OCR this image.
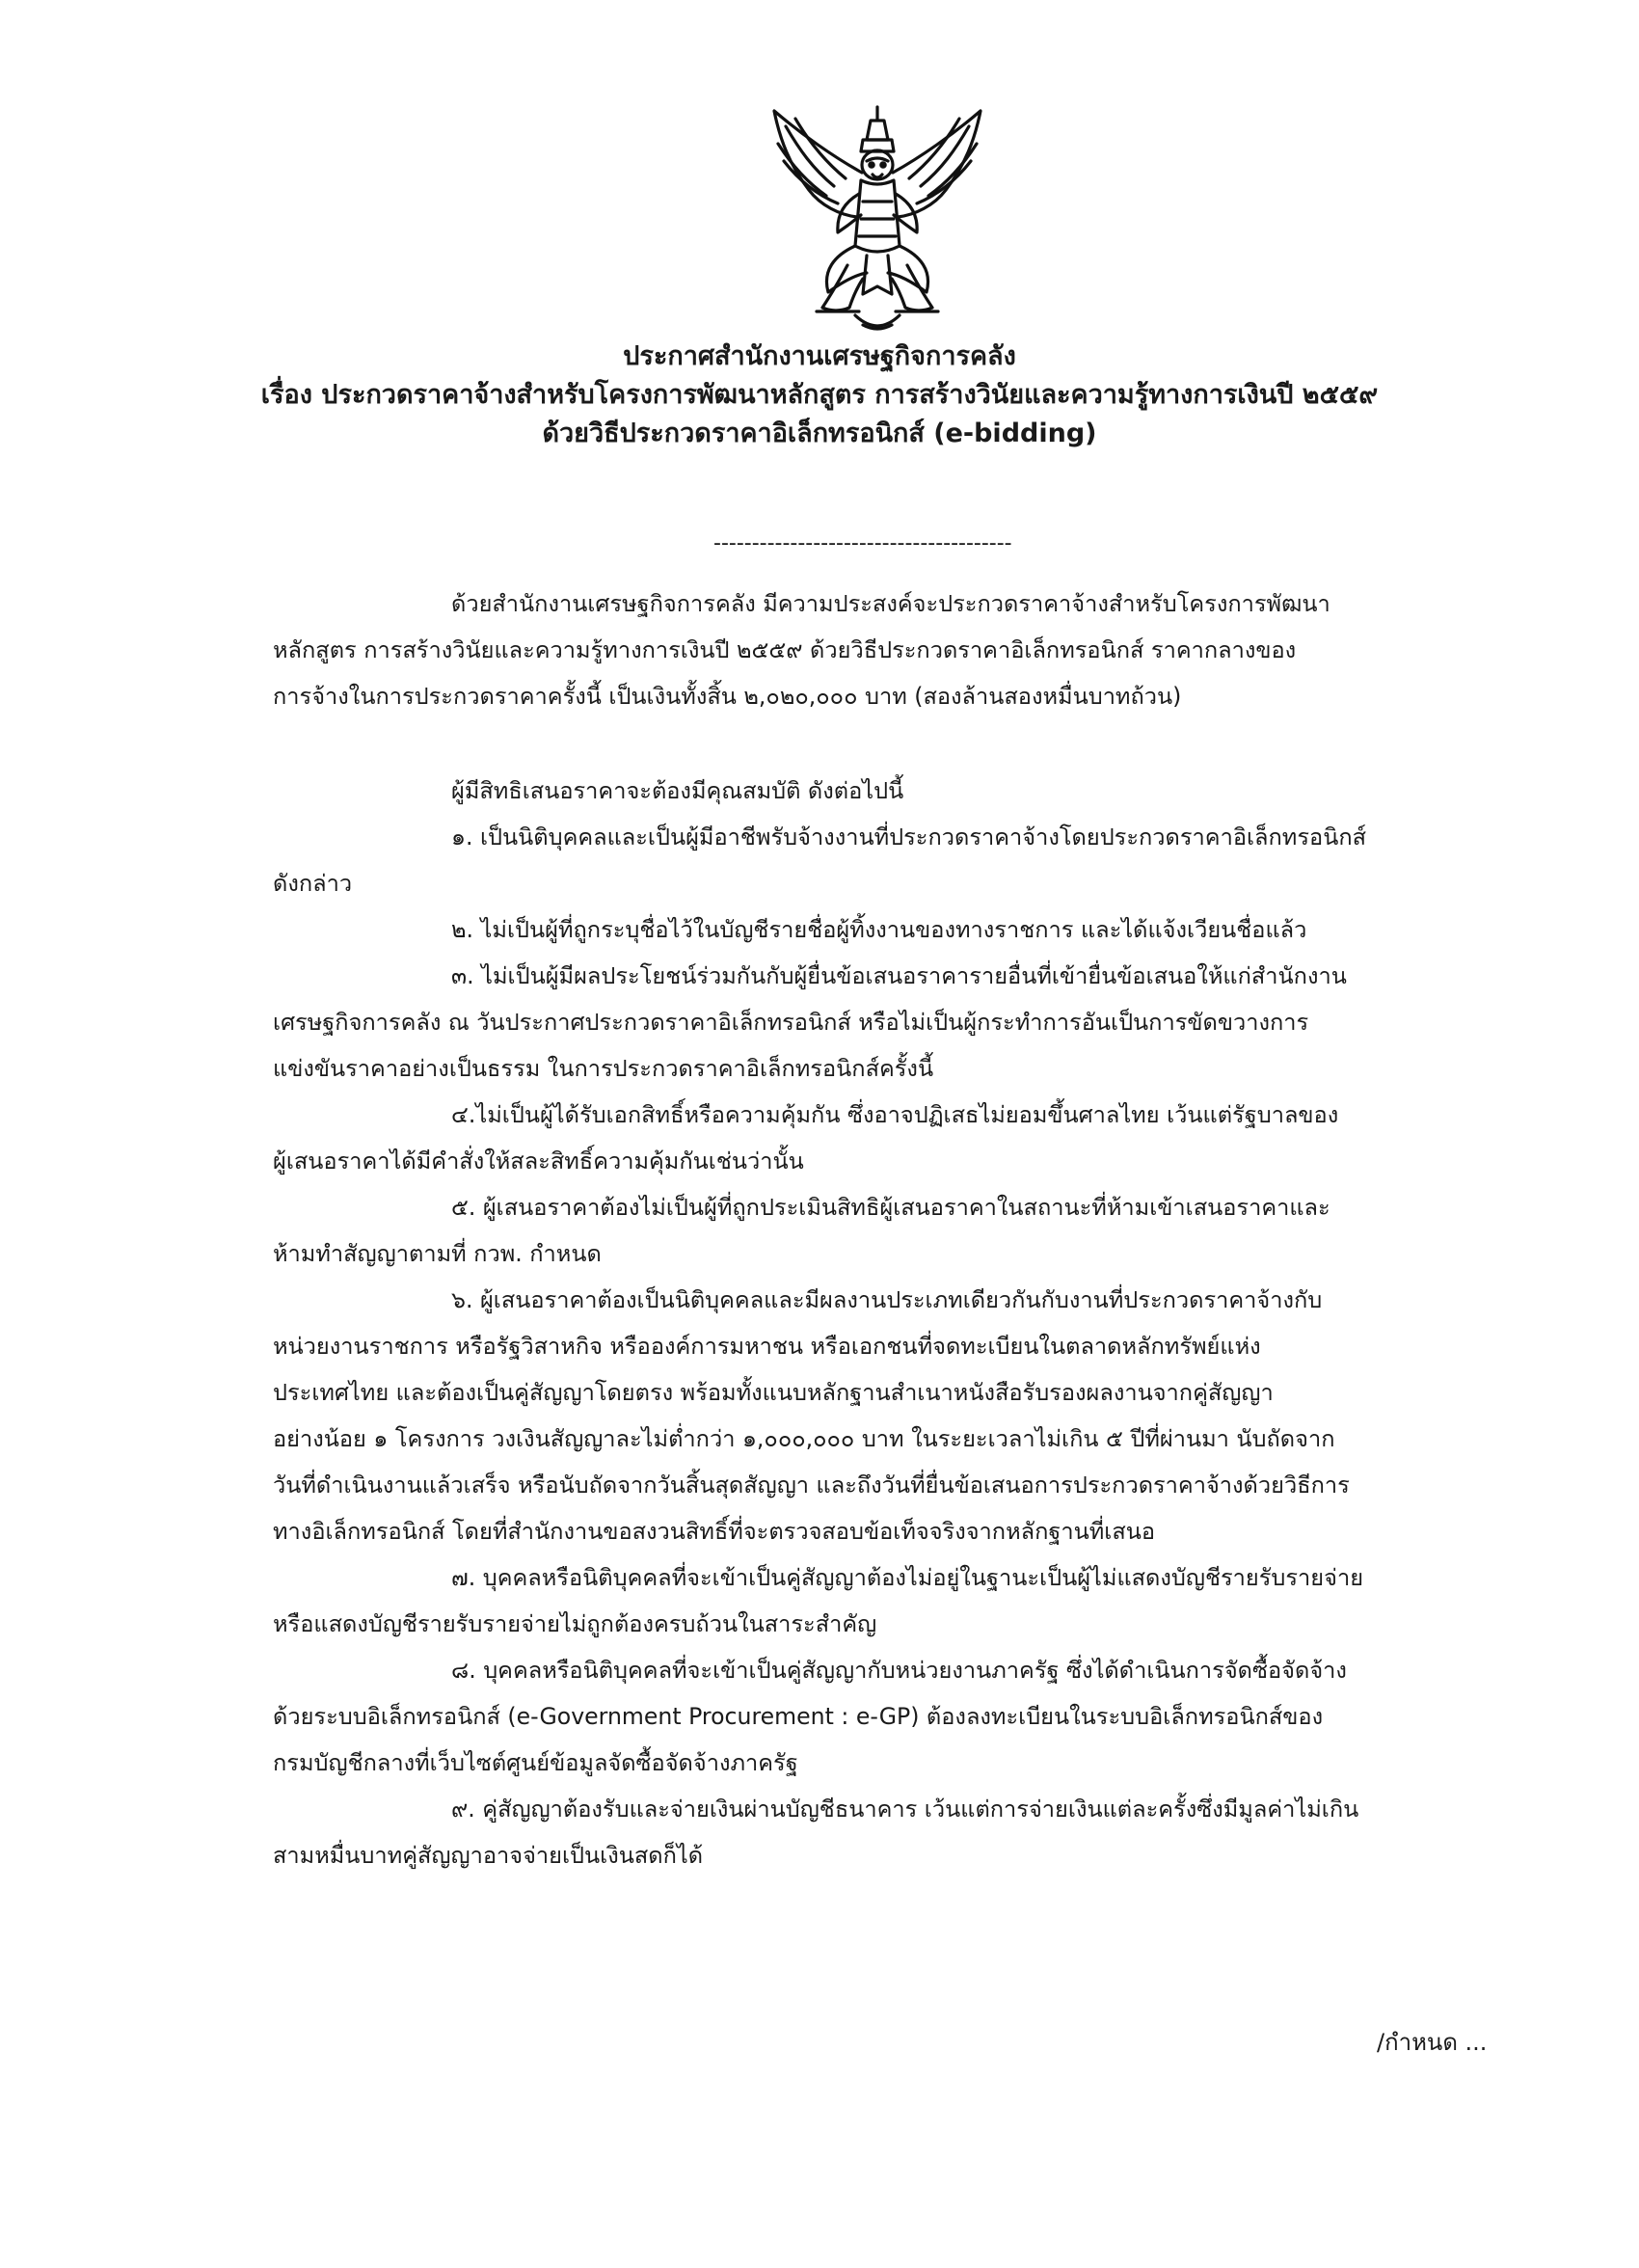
ประกาศสำนักงานเศรษฐกิจการคลัง
เรื่อง ประกวดราคาจ้างสำหรับโครงการพัฒนาหลักสูตร การสร้างวินัยและความรู้ทางการเงินปี ๒๕๕๙
ด้วยวิธีประกวดราคาอิเล็กทรอนิกส์ (e-bidding)
---------------------------------------
ด้วยสำนักงานเศรษฐกิจการคลัง มีความประสงค์จะประกวดราคาจ้างสำหรับโครงการพัฒนา
หลักสูตร การสร้างวินัยและความรู้ทางการเงินปี ๒๕๕๙ ด้วยวิธีประกวดราคาอิเล็กทรอนิกส์ ราคากลางของ
การจ้างในการประกวดราคาครั้งนี้ เป็นเงินทั้งสิ้น ๒,๐๒๐,๐๐๐ บาท (สองล้านสองหมื่นบาทถ้วน)
ผู้มีสิทธิเสนอราคาจะต้องมีคุณสมบัติ ดังต่อไปนี้
๑. เป็นนิติบุคคลและเป็นผู้มีอาชีพรับจ้างงานที่ประกวดราคาจ้างโดยประกวดราคาอิเล็กทรอนิกส์
ดังกล่าว
๒. ไม่เป็นผู้ที่ถูกระบุชื่อไว้ในบัญชีรายชื่อผู้ทิ้งงานของทางราชการ และได้แจ้งเวียนชื่อแล้ว
๓. ไม่เป็นผู้มีผลประโยชน์ร่วมกันกับผู้ยื่นข้อเสนอราคารายอื่นที่เข้ายื่นข้อเสนอให้แก่สำนักงาน
เศรษฐกิจการคลัง ณ วันประกาศประกวดราคาอิเล็กทรอนิกส์ หรือไม่เป็นผู้กระทำการอันเป็นการขัดขวางการ
แข่งขันราคาอย่างเป็นธรรม ในการประกวดราคาอิเล็กทรอนิกส์ครั้งนี้
๔.ไม่เป็นผู้ได้รับเอกสิทธิ์หรือความคุ้มกัน ซึ่งอาจปฏิเสธไม่ยอมขึ้นศาลไทย เว้นแต่รัฐบาลของ
ผู้เสนอราคาได้มีคำสั่งให้สละสิทธิ์ความคุ้มกันเช่นว่านั้น
๕. ผู้เสนอราคาต้องไม่เป็นผู้ที่ถูกประเมินสิทธิผู้เสนอราคาในสถานะที่ห้ามเข้าเสนอราคาและ
ห้ามทำสัญญาตามที่ กวพ. กำหนด
๖. ผู้เสนอราคาต้องเป็นนิติบุคคลและมีผลงานประเภทเดียวกันกับงานที่ประกวดราคาจ้างกับ
หน่วยงานราชการ หรือรัฐวิสาหกิจ หรือองค์การมหาชน หรือเอกชนที่จดทะเบียนในตลาดหลักทรัพย์แห่ง
ประเทศไทย และต้องเป็นคู่สัญญาโดยตรง พร้อมทั้งแนบหลักฐานสำเนาหนังสือรับรองผลงานจากคู่สัญญา
อย่างน้อย ๑ โครงการ วงเงินสัญญาละไม่ต่ำกว่า ๑,๐๐๐,๐๐๐ บาท ในระยะเวลาไม่เกิน ๕ ปีที่ผ่านมา นับถัดจาก
วันที่ดำเนินงานแล้วเสร็จ หรือนับถัดจากวันสิ้นสุดสัญญา และถึงวันที่ยื่นข้อเสนอการประกวดราคาจ้างด้วยวิธีการ
ทางอิเล็กทรอนิกส์ โดยที่สำนักงานขอสงวนสิทธิ์ที่จะตรวจสอบข้อเท็จจริงจากหลักฐานที่เสนอ
๗. บุคคลหรือนิติบุคคลที่จะเข้าเป็นคู่สัญญาต้องไม่อยู่ในฐานะเป็นผู้ไม่แสดงบัญชีรายรับรายจ่าย
หรือแสดงบัญชีรายรับรายจ่ายไม่ถูกต้องครบถ้วนในสาระสำคัญ
๘. บุคคลหรือนิติบุคคลที่จะเข้าเป็นคู่สัญญากับหน่วยงานภาครัฐ ซึ่งได้ดำเนินการจัดซื้อจัดจ้าง
ด้วยระบบอิเล็กทรอนิกส์ (e-Government Procurement : e-GP) ต้องลงทะเบียนในระบบอิเล็กทรอนิกส์ของ
กรมบัญชีกลางที่เว็บไซต์ศูนย์ข้อมูลจัดซื้อจัดจ้างภาครัฐ
๙. คู่สัญญาต้องรับและจ่ายเงินผ่านบัญชีธนาคาร เว้นแต่การจ่ายเงินแต่ละครั้งซึ่งมีมูลค่าไม่เกิน
สามหมื่นบาทคู่สัญญาอาจจ่ายเป็นเงินสดก็ได้
/กำหนด ...
